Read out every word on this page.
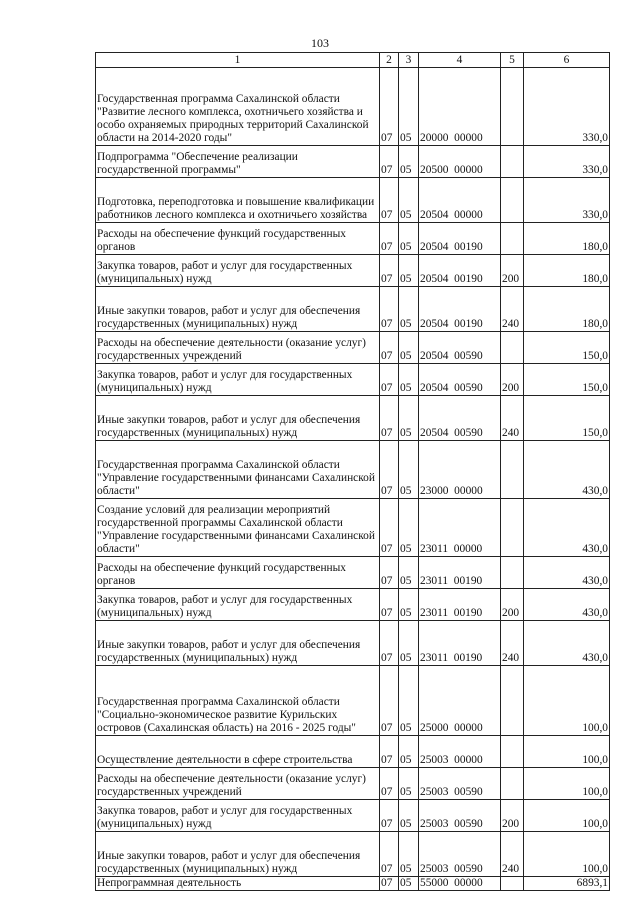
103
1	2	3	4	5	6
Государственная программа Сахалинской области "Развитие лесного комплекса, охотничьего хозяйства и особо охраняемых природных территорий Сахалинской области на 2014-2020 годы"	07	05	20000  00000		330,0
Подпрограмма "Обеспечение реализации государственной программы"	07	05	20500  00000		330,0
Подготовка, переподготовка и повышение квалификации работников лесного комплекса и охотничьего хозяйства	07	05	20504  00000		330,0
Расходы на обеспечение функций государственных органов	07	05	20504  00190		180,0
Закупка товаров, работ и услуг для государственных (муниципальных) нужд	07	05	20504  00190	200	180,0
Иные закупки товаров, работ и услуг для обеспечения государственных (муниципальных) нужд	07	05	20504  00190	240	180,0
Расходы на обеспечение деятельности (оказание услуг) государственных учреждений	07	05	20504  00590		150,0
Закупка товаров, работ и услуг для государственных (муниципальных) нужд	07	05	20504  00590	200	150,0
Иные закупки товаров, работ и услуг для обеспечения государственных (муниципальных) нужд	07	05	20504  00590	240	150,0
Государственная программа Сахалинской области "Управление государственными финансами Сахалинской области"	07	05	23000  00000		430,0
Создание условий для реализации мероприятий государственной программы Сахалинской области "Управление государственными финансами Сахалинской области"	07	05	23011  00000		430,0
Расходы на обеспечение функций государственных органов	07	05	23011  00190		430,0
Закупка товаров, работ и услуг для государственных (муниципальных) нужд	07	05	23011  00190	200	430,0
Иные закупки товаров, работ и услуг для обеспечения государственных (муниципальных) нужд	07	05	23011  00190	240	430,0
Государственная программа Сахалинской области "Социально-экономическое развитие Курильских островов (Сахалинская область) на 2016 - 2025 годы"	07	05	25000  00000		100,0
Осуществление деятельности в сфере строительства	07	05	25003  00000		100,0
Расходы на обеспечение деятельности (оказание услуг) государственных учреждений	07	05	25003  00590		100,0
Закупка товаров, работ и услуг для государственных (муниципальных) нужд	07	05	25003  00590	200	100,0
Иные закупки товаров, работ и услуг для обеспечения государственных (муниципальных) нужд	07	05	25003  00590	240	100,0
Непрограммная деятельность	07	05	55000  00000		6893,1
